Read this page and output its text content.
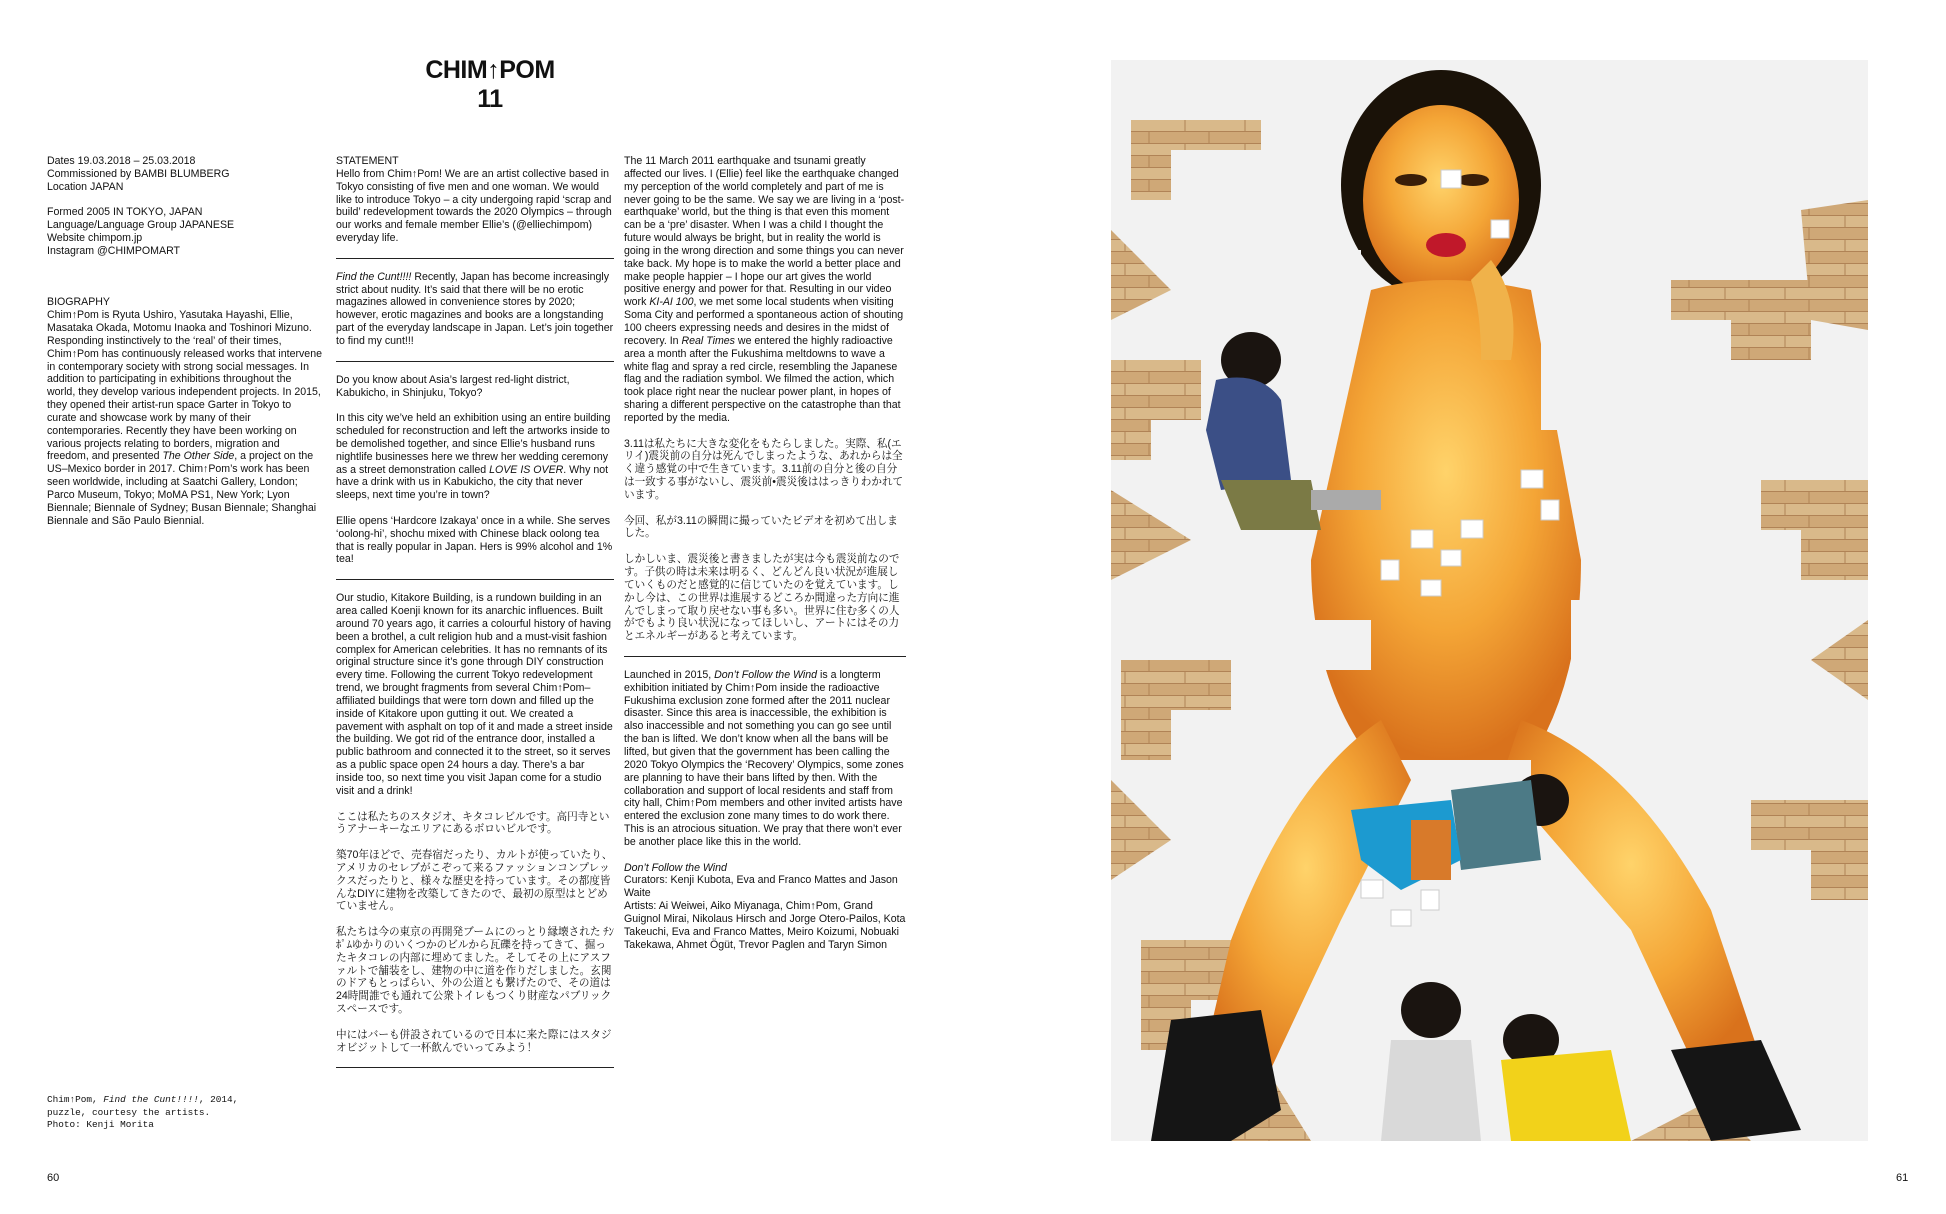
CHIM↑POM
11
Dates 19.03.2018 – 25.03.2018
Commissioned by BAMBI BLUMBERG
Location JAPAN
Formed 2005 IN TOKYO, JAPAN
Language/Language Group JAPANESE
Website chimpom.jp
Instagram @CHIMPOMART
BIOGRAPHY
Chim↑Pom is Ryuta Ushiro, Yasutaka Hayashi, Ellie, Masataka Okada, Motomu Inaoka and Toshinori Mizuno. Responding instinctively to the ‘real’ of their times, Chim↑Pom has continuously released works that intervene in contemporary society with strong social messages. In addition to participating in exhibitions throughout the world, they develop various independent projects. In 2015, they opened their artist-run space Garter in Tokyo to curate and showcase work by many of their contemporaries. Recently they have been working on various projects relating to borders, migration and freedom, and presented The Other Side, a project on the US–Mexico border in 2017. Chim↑Pom’s work has been seen worldwide, including at Saatchi Gallery, London; Parco Museum, Tokyo; MoMA PS1, New York; Lyon Biennale; Biennale of Sydney; Busan Biennale; Shanghai Biennale and São Paulo Biennial.
STATEMENT

Hello from Chim↑Pom! We are an artist collective based in Tokyo consisting of five men and one woman. We would like to introduce Tokyo – a city undergoing rapid ‘scrap and build’ redevelopment towards the 2020 Olympics – through our works and female member Ellie’s (@elliechimpom) everyday life.

Find the Cunt!!!! Recently, Japan has become increasingly strict about nudity. It’s said that there will be no erotic magazines allowed in convenience stores by 2020; however, erotic magazines and books are a longstanding part of the everyday landscape in Japan. Let’s join together to find my cunt!!!

Do you know about Asia’s largest red-light district, Kabukicho, in Shinjuku, Tokyo?

In this city we’ve held an exhibition using an entire building scheduled for reconstruction and left the artworks inside to be demolished together, and since Ellie’s husband runs nightlife businesses here we threw her wedding ceremony as a street demonstration called LOVE IS OVER. Why not have a drink with us in Kabukicho, the city that never sleeps, next time you’re in town?

Ellie opens ‘Hardcore Izakaya’ once in a while. She serves ‘oolong-hi’, shochu mixed with Chinese black oolong tea that is really popular in Japan. Hers is 99% alcohol and 1% tea!

Our studio, Kitakore Building, is a rundown building in an area called Koenji known for its anarchic influences. Built around 70 years ago, it carries a colourful history of having been a brothel, a cult religion hub and a must-visit fashion complex for American celebrities. It has no remnants of its original structure since it’s gone through DIY construction every time. Following the current Tokyo redevelopment trend, we brought fragments from several Chim↑Pom–affiliated buildings that were torn down and filled up the inside of Kitakore upon gutting it out. We created a pavement with asphalt on top of it and made a street inside the building. We got rid of the entrance door, installed a public bathroom and connected it to the street, so it serves as a public space open 24 hours a day. There’s a bar inside too, so next time you visit Japan come for a studio visit and a drink!

ここは私たちのスタジオ、キタコレビルです。高円寺というアナーキーなエリアにあるボロいビルです。

築70年ほどで、売春宿だったり、カルトが使っていたり、アメリカのセレブがこぞって来るファッションコンプレックスだったりと、様々な歴史を持っています。その都度皆んなDIYに建物を改築してきたので、最初の原型はとどめていません。

私たちは今の東京の再開発ブームにのっとり縁壊された ﾁﾝﾎﾟﾑゆかりのいくつかのビルから瓦礫を持ってきて、掘ったキタコレの内部に埋めてました。そしてその上にアスファルトで舗装をし、建物の中に道を作りだしました。玄関のドアもとっぱらい、外の公道とも繋げたので、その道は24時間誰でも通れて公衆トイレもつくり財産なパブリックスペースです。

中にはバーも併設されているので日本に来た際にはスタジオビジットして一杯飲んでいってみよう！

The 11 March 2011 earthquake and tsunami greatly affected our lives. I (Ellie) feel like the earthquake changed my perception of the world completely and part of me is never going to be the same. We say we are living in a ‘post-earthquake’ world, but the thing is that even this moment can be a ‘pre’ disaster. When I was a child I thought the future would always be bright, but in reality the world is going in the wrong direction and some things you can never take back. My hope is to make the world a better place and make people happier – I hope our art gives the world positive energy and power for that. Resulting in our video work KI-AI 100, we met some local students when visiting Soma City and performed a spontaneous action of shouting 100 cheers expressing needs and desires in the midst of recovery. In Real Times we entered the highly radioactive area a month after the Fukushima meltdowns to wave a white flag and spray a red circle, resembling the Japanese flag and the radiation symbol. We filmed the action, which took place right near the nuclear power plant, in hopes of sharing a different perspective on the catastrophe than that reported by the media.

3.11は私たちに大きな変化をもたらしました。実際、私(エリイ)震災前の自分は死んでしまったような、あれからは全く違う感覚の中で生きています。3.11前の自分と後の自分は一致する事がないし、震災前•震災後ははっきりわかれています。

今回、私が3.11の瞬間に撮っていたビデオを初めて出しました。

しかしいま、震災後と書きましたが実は今も震災前なのです。子供の時は未来は明るく、どんどん良い状況が進展していくものだと感覚的に信じていたのを覚えています。しかし今は、この世界は進展するどころか間違った方向に進んでしまって取り戻せない事も多い。世界に住む多くの人がでもより良い状況になってほしいし、アートにはその力とエネルギーがあると考えています。

Launched in 2015, Don’t Follow the Wind is a longterm exhibition initiated by Chim↑Pom inside the radioactive Fukushima exclusion zone formed after the 2011 nuclear disaster. Since this area is inaccessible, the exhibition is also inaccessible and not something you can go see until the ban is lifted. We don’t know when all the bans will be lifted, but given that the government has been calling the 2020 Tokyo Olympics the ‘Recovery’ Olympics, some zones are planning to have their bans lifted by then. With the collaboration and support of local residents and staff from city hall, Chim↑Pom members and other invited artists have entered the exclusion zone many times to do work there. This is an atrocious situation. We pray that there won’t ever be another place like this in the world.

Don’t Follow the Wind
Curators: Kenji Kubota, Eva and Franco Mattes and Jason Waite
Artists: Ai Weiwei, Aiko Miyanaga, Chim↑Pom, Grand Guignol Mirai, Nikolaus Hirsch and Jorge Otero-Pailos, Kota Takeuchi, Eva and Franco Mattes, Meiro Koizumi, Nobuaki Takekawa, Ahmet Ögüt, Trevor Paglen and Taryn Simon
Chim↑Pom, Find the Cunt!!!!, 2014, puzzle, courtesy the artists. Photo: Kenji Morita
60	61
